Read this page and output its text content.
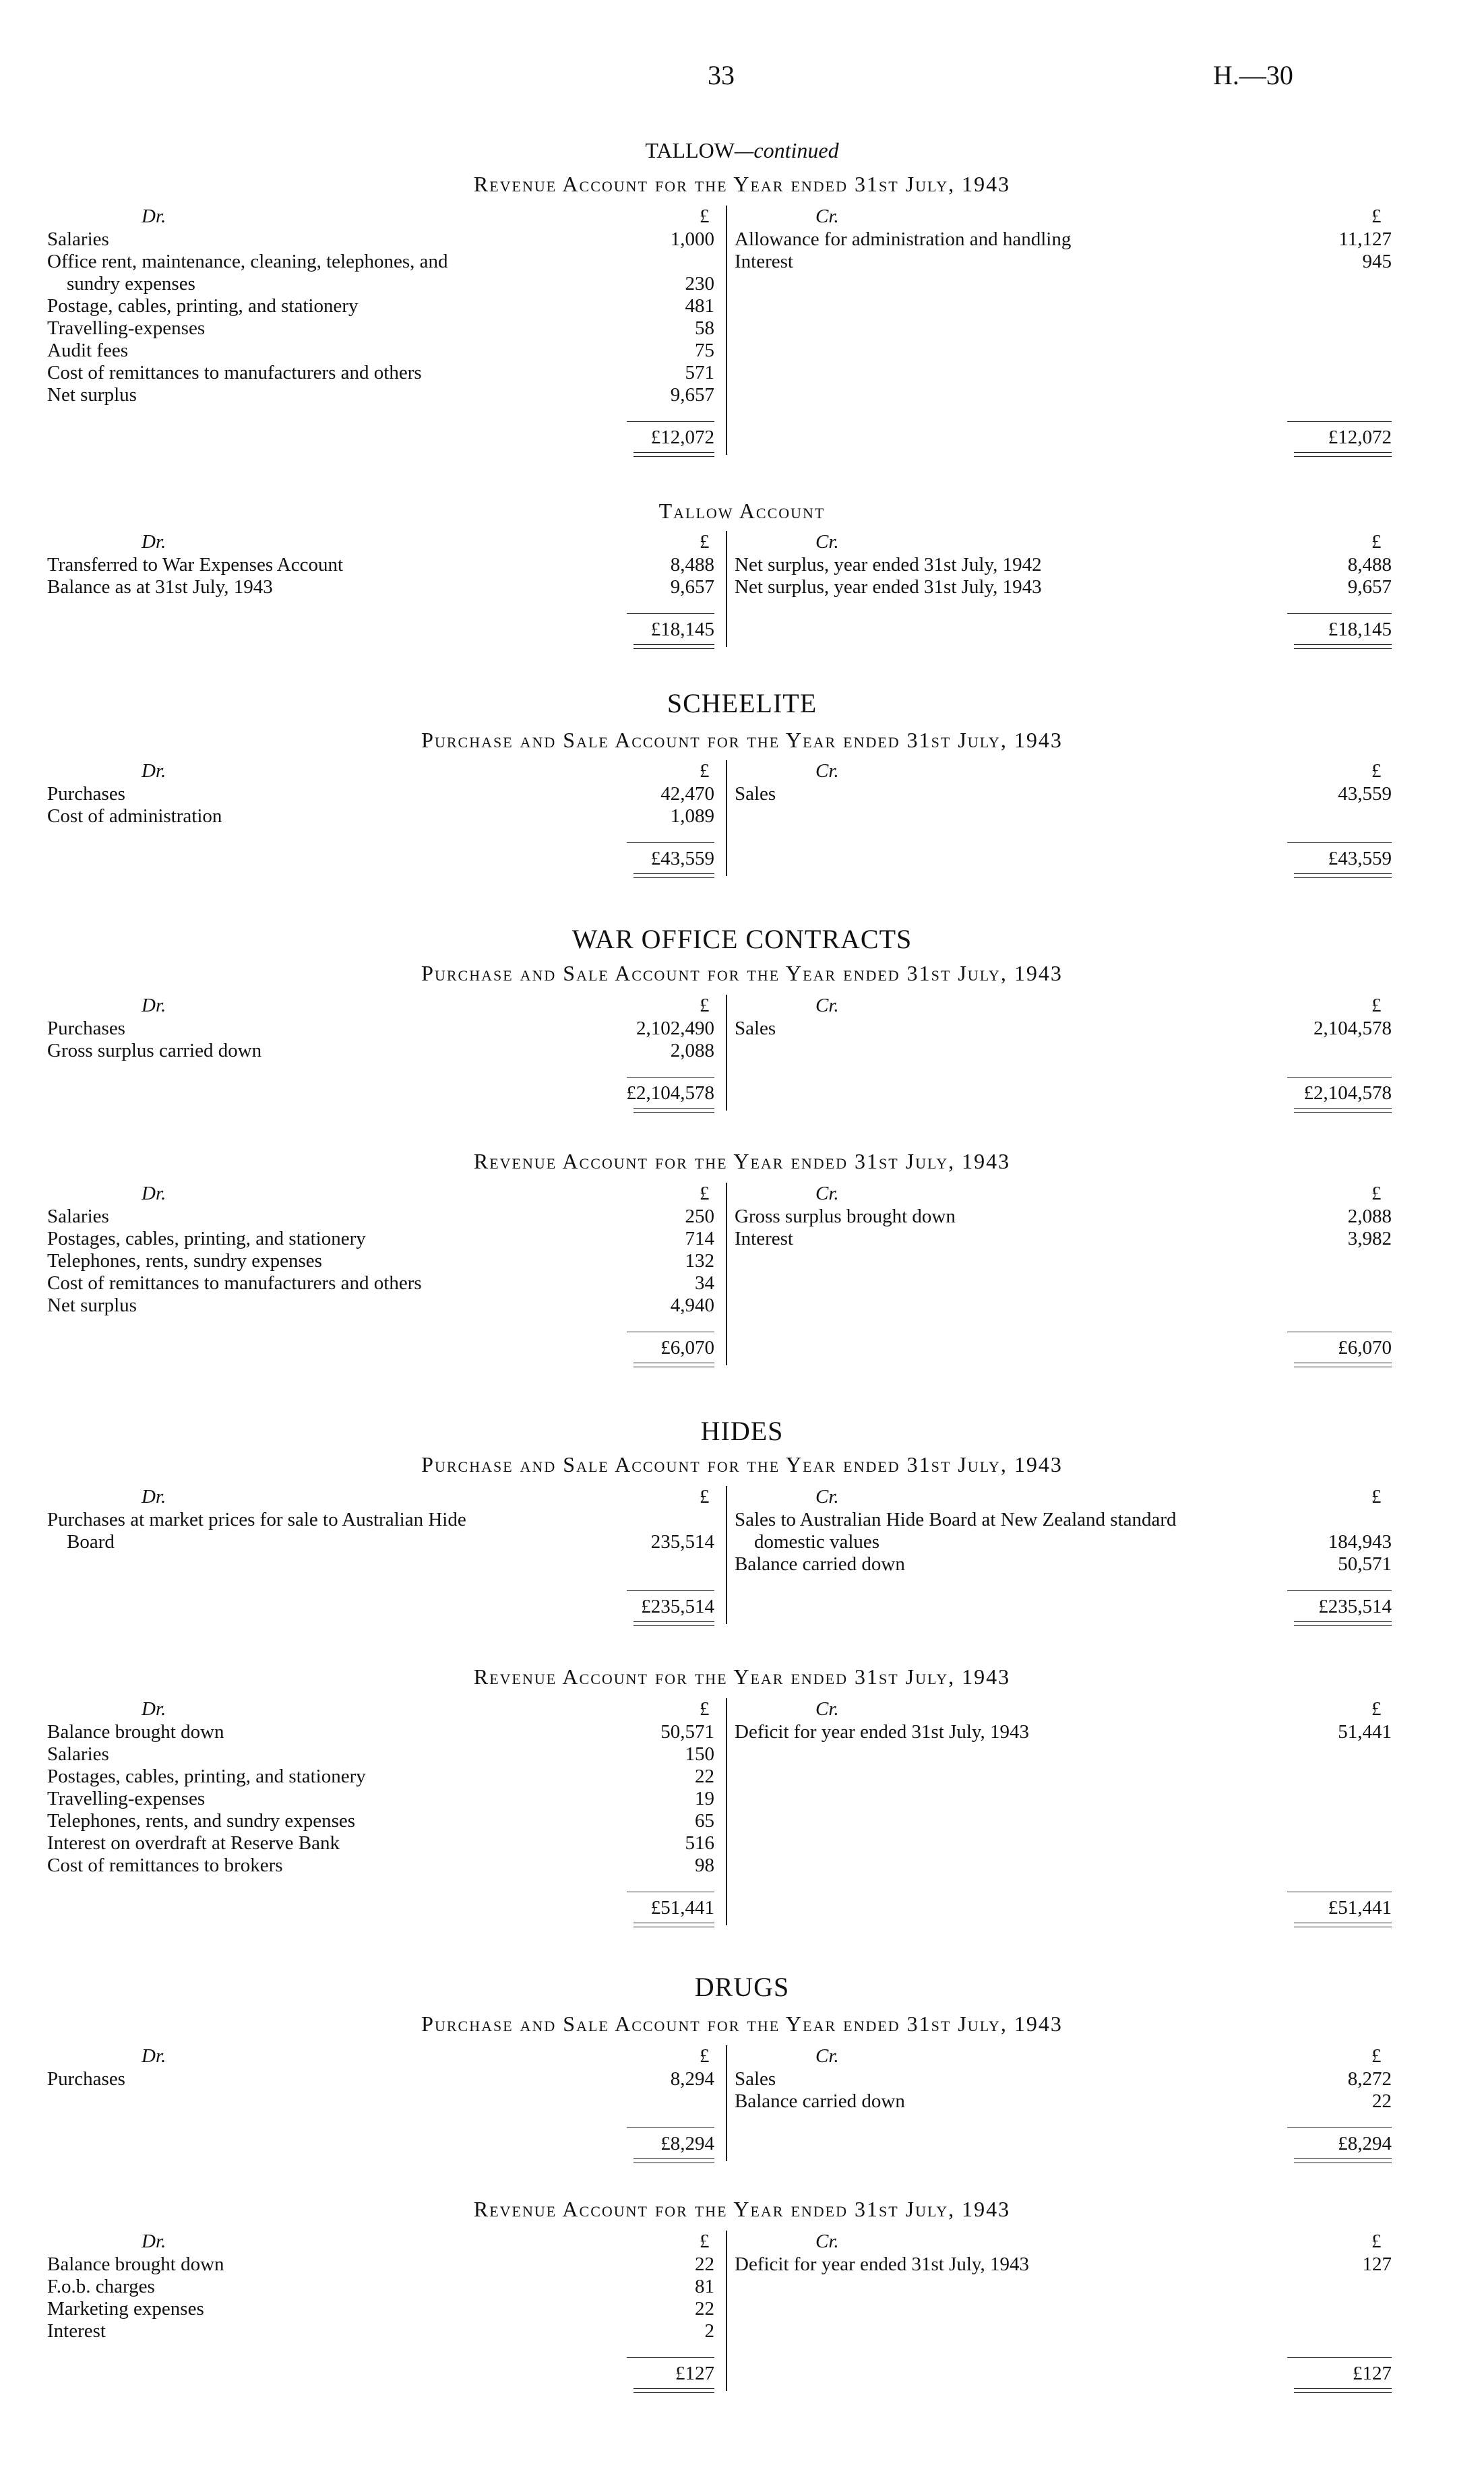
33	H.—30
TALLOW—continued
Revenue Account for the Year ended 31st July, 1943
Dr.	£	Cr.	£
Salaries	1,000
Office rent, maintenance, cleaning, telephones, and
sundry expenses	230
Postage, cables, printing, and stationery	481
Travelling-expenses	58
Audit fees	75
Cost of remittances to manufacturers and others	571
Net surplus	9,657
Allowance for administration and handling	11,127
Interest	945
£12,072	£12,072
Tallow Account
Dr.	£	Cr.	£
Transferred to War Expenses Account	8,488
Balance as at 31st July, 1943	9,657
Net surplus, year ended 31st July, 1942	8,488
Net surplus, year ended 31st July, 1943	9,657
£18,145	£18,145
SCHEELITE
Purchase and Sale Account for the Year ended 31st July, 1943
Dr.	£	Cr.	£
Purchases	42,470
Cost of administration	1,089
Sales	43,559
£43,559	£43,559
WAR OFFICE CONTRACTS
Purchase and Sale Account for the Year ended 31st July, 1943
Dr.	£	Cr.	£
Purchases	2,102,490
Gross surplus carried down	2,088
Sales	2,104,578
£2,104,578	£2,104,578
Revenue Account for the Year ended 31st July, 1943
Dr.	£	Cr.	£
Salaries	250
Postages, cables, printing, and stationery	714
Telephones, rents, sundry expenses	132
Cost of remittances to manufacturers and others	34
Net surplus	4,940
Gross surplus brought down	2,088
Interest	3,982
£6,070	£6,070
HIDES
Purchase and Sale Account for the Year ended 31st July, 1943
Dr.	£	Cr.	£
Purchases at market prices for sale to Australian Hide
Board	235,514
Sales to Australian Hide Board at New Zealand standard
domestic values	184,943
Balance carried down	50,571
£235,514	£235,514
Revenue Account for the Year ended 31st July, 1943
Dr.	£	Cr.	£
Balance brought down	50,571
Salaries	150
Postages, cables, printing, and stationery	22
Travelling-expenses	19
Telephones, rents, and sundry expenses	65
Interest on overdraft at Reserve Bank	516
Cost of remittances to brokers	98
Deficit for year ended 31st July, 1943	51,441
£51,441	£51,441
DRUGS
Purchase and Sale Account for the Year ended 31st July, 1943
Dr.	£	Cr.	£
Purchases	8,294 Sales	8,272
Balance carried down	22
£8,294	£8,294
Revenue Account for the Year ended 31st July, 1943
Dr.	£	Cr.	£
Balance brought down	22
F.o.b. charges	81
Marketing expenses	22
Interest	2
Deficit for year ended 31st July, 1943	127
£127	£127
